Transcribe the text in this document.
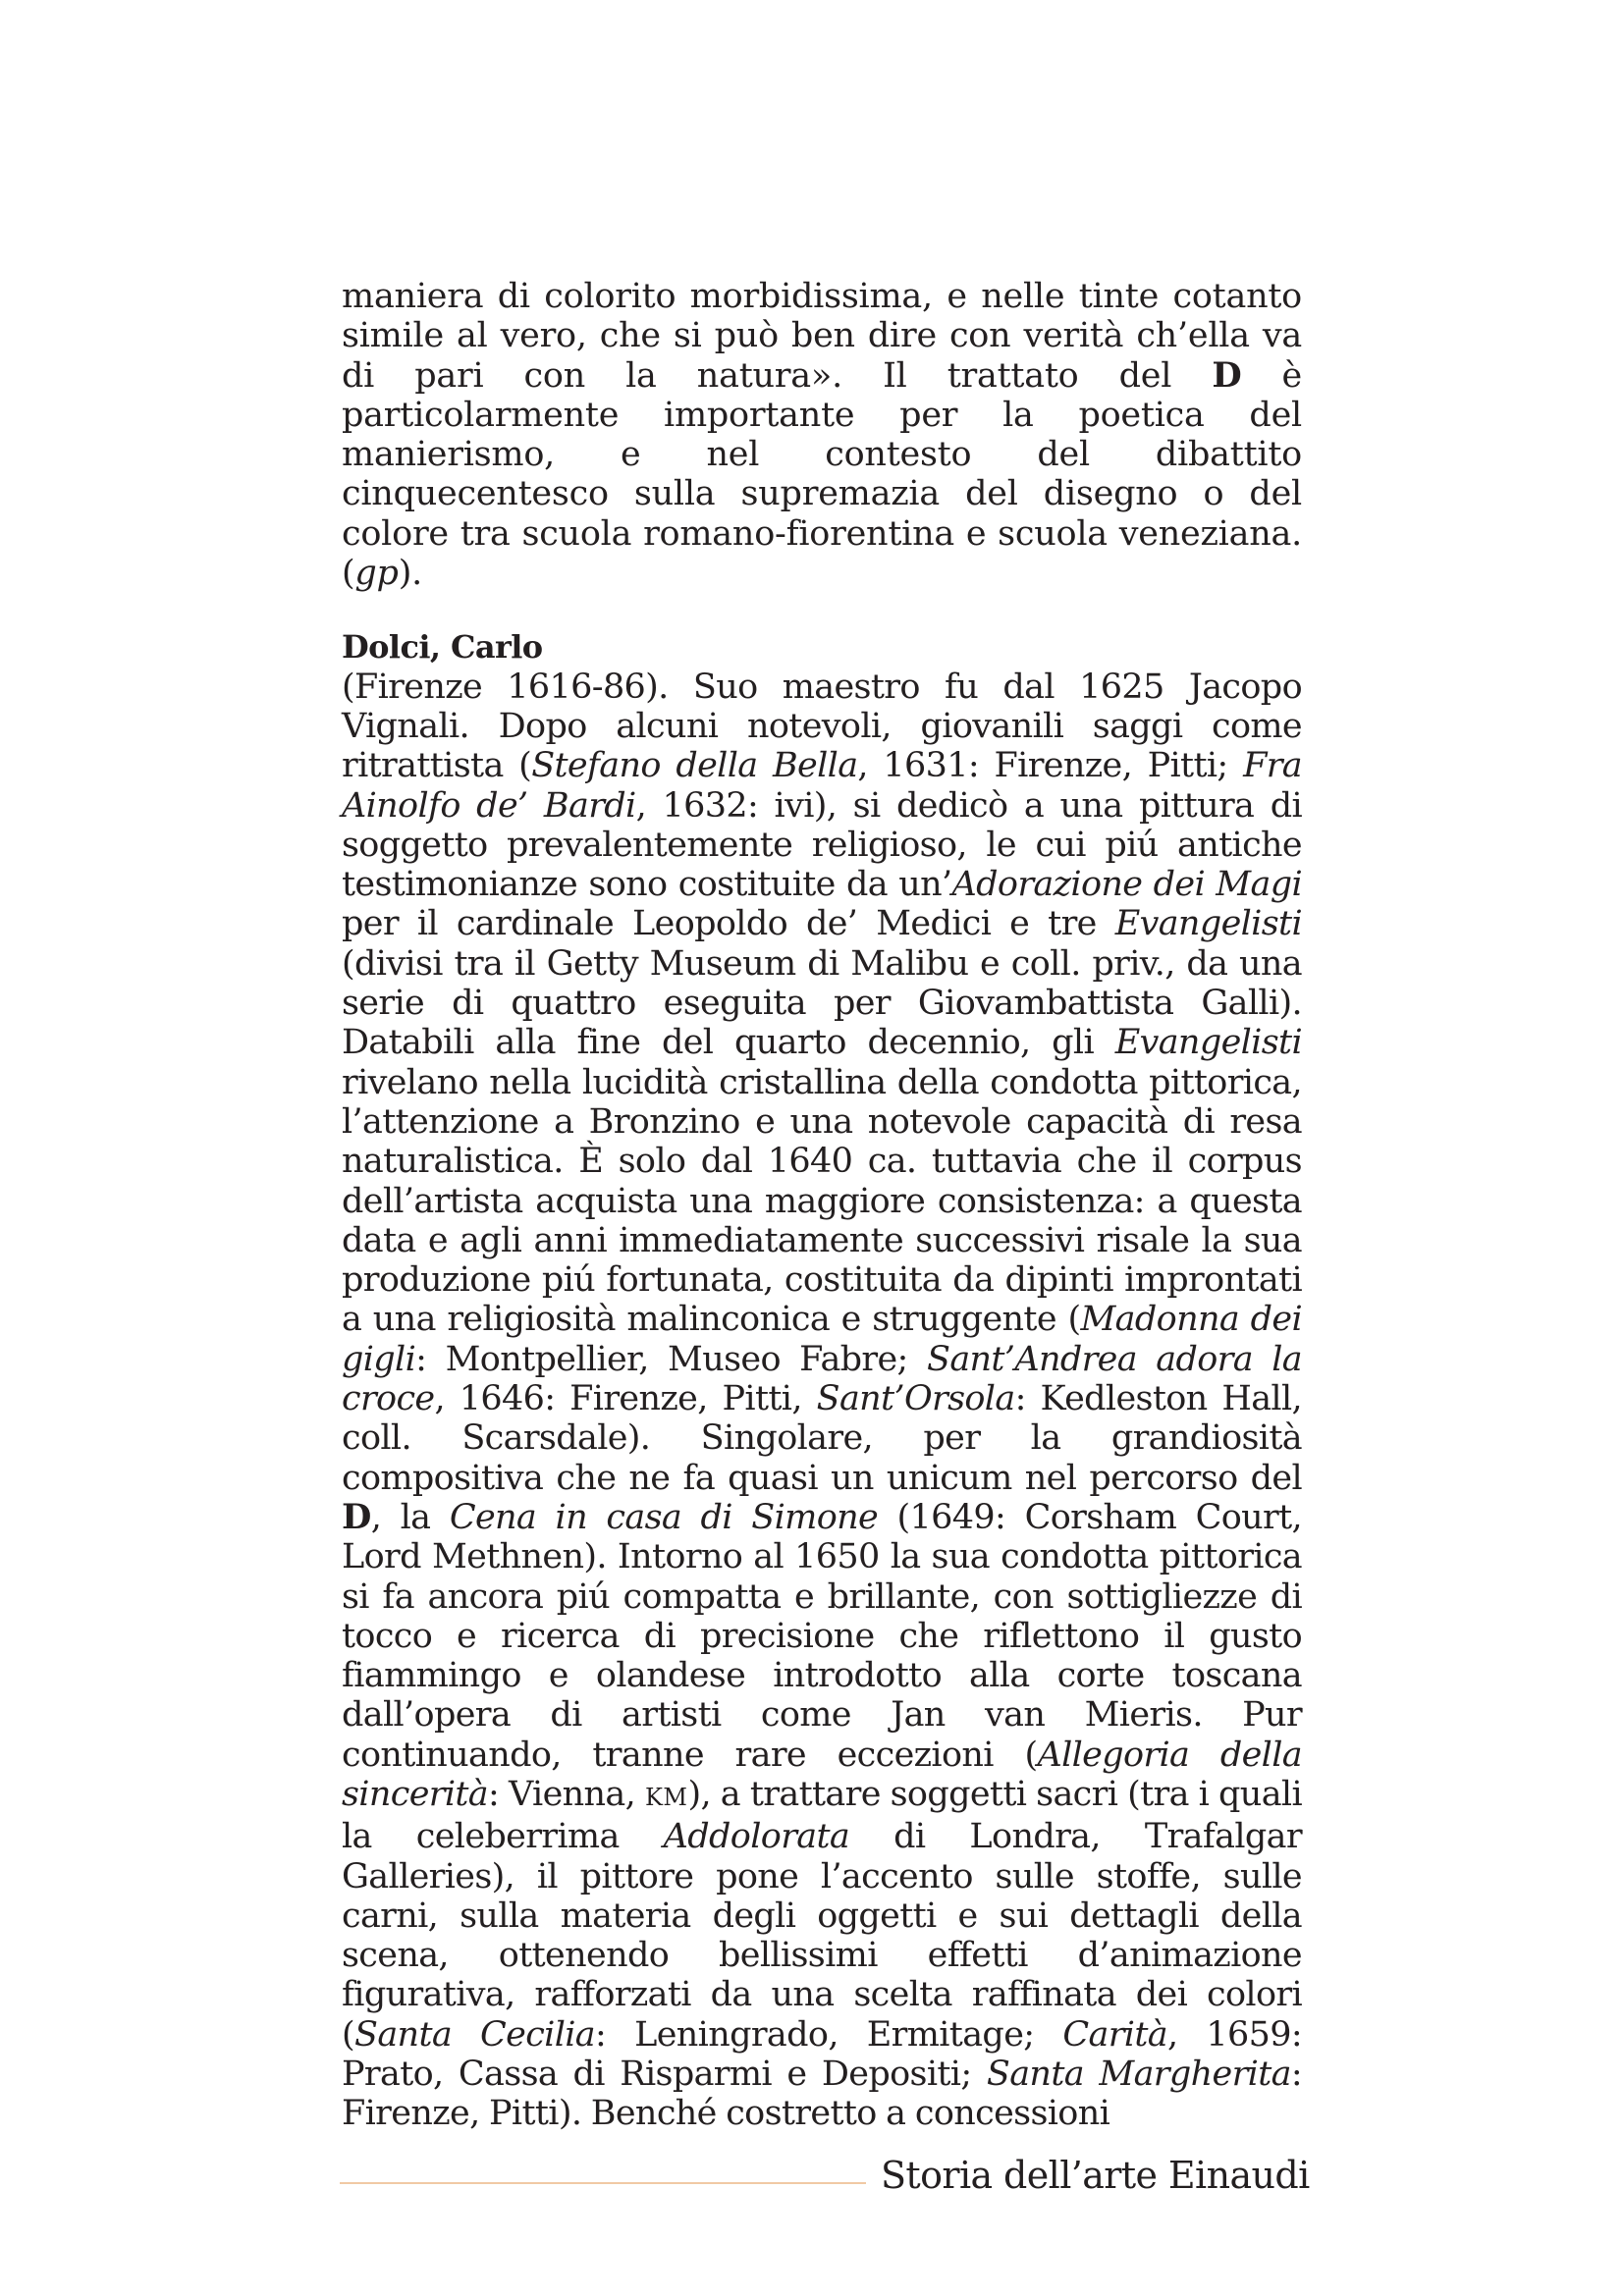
maniera di colorito morbidissima, e nelle tinte cotanto simile al vero, che si può ben dire con verità ch’ella va di pari con la natura». Il trattato del D è particolarmente importante per la poetica del manierismo, e nel contesto del dibattito cinquecentesco sulla supremazia del disegno o del colore tra scuola romano-fiorentina e scuola veneziana. (gp).

Dolci, Carlo

(Firenze 1616-86). Suo maestro fu dal 1625 Jacopo Vignali. Dopo alcuni notevoli, giovanili saggi come ritrattista (Stefano della Bella, 1631: Firenze, Pitti; Fra Ainolfo de’ Bardi, 1632: ivi), si dedicò a una pittura di soggetto prevalentemente religioso, le cui piú antiche testimonianze sono costituite da un’Adorazione dei Magi per il cardinale Leopoldo de’ Medici e tre Evangelisti (divisi tra il Getty Museum di Malibu e coll. priv., da una serie di quattro eseguita per Giovambattista Galli). Databili alla fine del quarto decennio, gli Evangelisti rivelano nella lucidità cristallina della condotta pittorica, l’attenzione a Bronzino e una notevole capacità di resa naturalistica. È solo dal 1640 ca. tuttavia che il corpus dell’artista acquista una maggiore consistenza: a questa data e agli anni immediatamente successivi risale la sua produzione piú fortunata, costituita da dipinti improntati a una religiosità malinconica e struggente (Madonna dei gigli: Montpellier, Museo Fabre; Sant’Andrea adora la croce, 1646: Firenze, Pitti, Sant’Orsola: Kedleston Hall, coll. Scarsdale). Singolare, per la grandiosità compositiva che ne fa quasi un unicum nel percorso del D, la Cena in casa di Simone (1649: Corsham Court, Lord Methnen). Intorno al 1650 la sua condotta pittorica si fa ancora piú compatta e brillante, con sottigliezze di tocco e ricerca di precisione che riflettono il gusto fiammingo e olandese introdotto alla corte toscana dall’opera di artisti come Jan van Mieris. Pur continuando, tranne rare eccezioni (Allegoria della sincerità: Vienna, KM), a trattare soggetti sacri (tra i quali la celeberrima Addolorata di Londra, Trafalgar Galleries), il pittore pone l’accento sulle stoffe, sulle carni, sulla materia degli oggetti e sui dettagli della scena, ottenendo bellissimi effetti d’animazione figurativa, rafforzati da una scelta raffinata dei colori (Santa Cecilia: Leningrado, Ermitage; Carità, 1659: Prato, Cassa di Risparmi e Depositi; Santa Margherita: Firenze, Pitti). Benché costretto a concessioni

Storia dell’arte Einaudi
